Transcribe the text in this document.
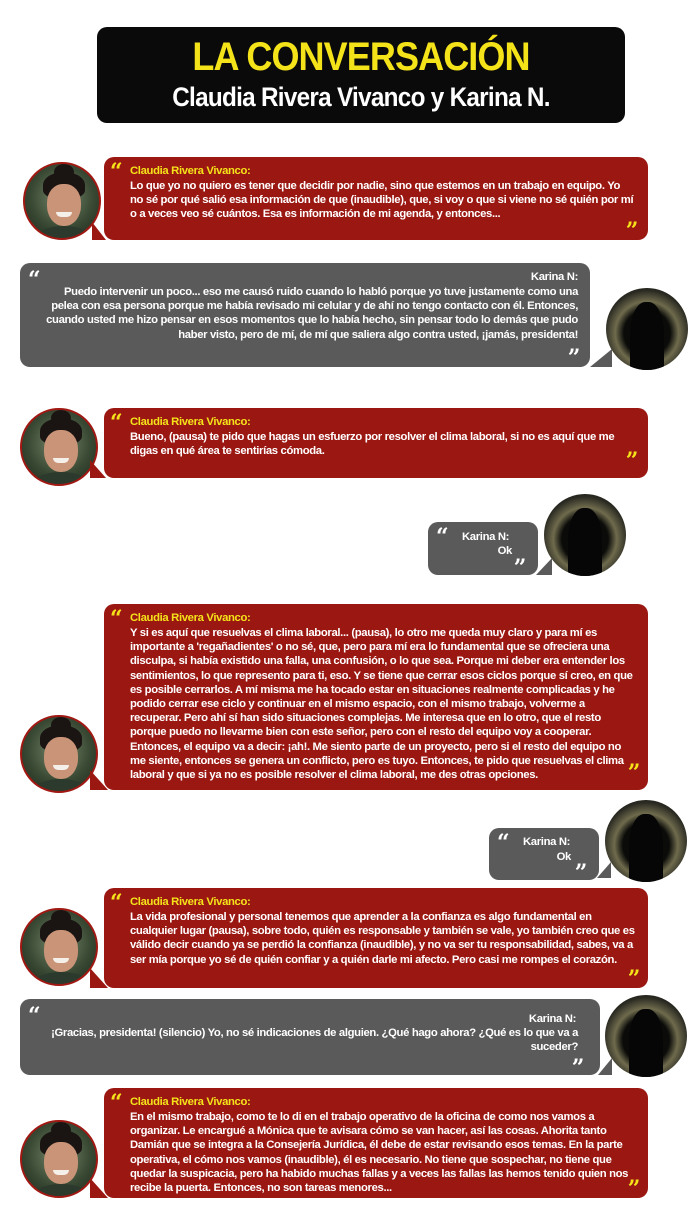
LA CONVERSACIÓN
Claudia Rivera Vivanco y Karina N.
“ Claudia Rivera Vivanco:
Lo que yo no quiero es tener que decidir por nadie, sino que estemos en un trabajo en equipo. Yo no sé por qué salió esa información de que (inaudible), que, si voy o que si viene no sé quién por mí o a veces veo sé cuántos. Esa es información de mi agenda, y entonces...
”
“	Karina N:
Puedo intervenir un poco... eso me causó ruido cuando lo habló porque yo tuve justamente como una pelea con esa persona porque me había revisado mi celular y de ahí no tengo contacto con él. Entonces, cuando usted me hizo pensar en esos momentos que lo había hecho, sin pensar todo lo demás que pudo haber visto, pero de mí, de mí que saliera algo contra usted, ¡jamás, presidenta!
”
“ Claudia Rivera Vivanco:
Bueno, (pausa) te pido que hagas un esfuerzo por resolver el clima laboral, si no es aquí que me digas en qué área te sentirías cómoda.	”
“ Karina N:
Ok
”
“ Claudia Rivera Vivanco:
Y si es aquí que resuelvas el clima laboral... (pausa), lo otro me queda muy claro y para mí es importante a 'regañadientes' o no sé, que, pero para mí era lo fundamental que se ofreciera una disculpa, si había existido una falla, una confusión, o lo que sea. Porque mi deber era entender los sentimientos, lo que represento para ti, eso. Y se tiene que cerrar esos ciclos porque sí creo, en que es posible cerrarlos. A mí misma me ha tocado estar en situaciones realmente complicadas y he podido cerrar ese ciclo y continuar en el mismo espacio, con el mismo trabajo, volverme a recuperar. Pero ahí sí han sido situaciones complejas. Me interesa que en lo otro, que el resto porque puedo no llevarme bien con este señor, pero con el resto del equipo voy a cooperar. Entonces, el equipo va a decir: ¡ah!. Me siento parte de un proyecto, pero si el resto del equipo no me siente, entonces se genera un conflicto, pero es tuyo. Entonces, te pido que resuelvas el clima laboral y que si ya no es posible resolver el clima laboral, me des otras opciones.	”
“ Karina N:
Ok
”
“ Claudia Rivera Vivanco:
La vida profesional y personal tenemos que aprender a la confianza es algo fundamental en cualquier lugar (pausa), sobre todo, quién es responsable y también se vale, yo también creo que es válido decir cuando ya se perdió la confianza (inaudible), y no va ser tu responsabilidad, sabes, va a ser mía porque yo sé de quién confiar y a quién darle mi afecto. Pero casi me rompes el corazón.
”
“	Karina N:
¡Gracias, presidenta! (silencio) Yo, no sé indicaciones de alguien. ¿Qué hago ahora? ¿Qué es lo que va a suceder?
”
“ Claudia Rivera Vivanco:
En el mismo trabajo, como te lo di en el trabajo operativo de la oficina de como nos vamos a organizar. Le encargué a Mónica que te avisara cómo se van hacer, así las cosas. Ahorita tanto Damián que se integra a la Consejería Jurídica, él debe de estar revisando esos temas. En la parte operativa, el cómo nos vamos (inaudible), él es necesario. No tiene que sospechar, no tiene que quedar la suspicacia, pero ha habido muchas fallas y a veces las fallas las hemos tenido quien nos recibe la puerta. Entonces, no son tareas menores...	”
